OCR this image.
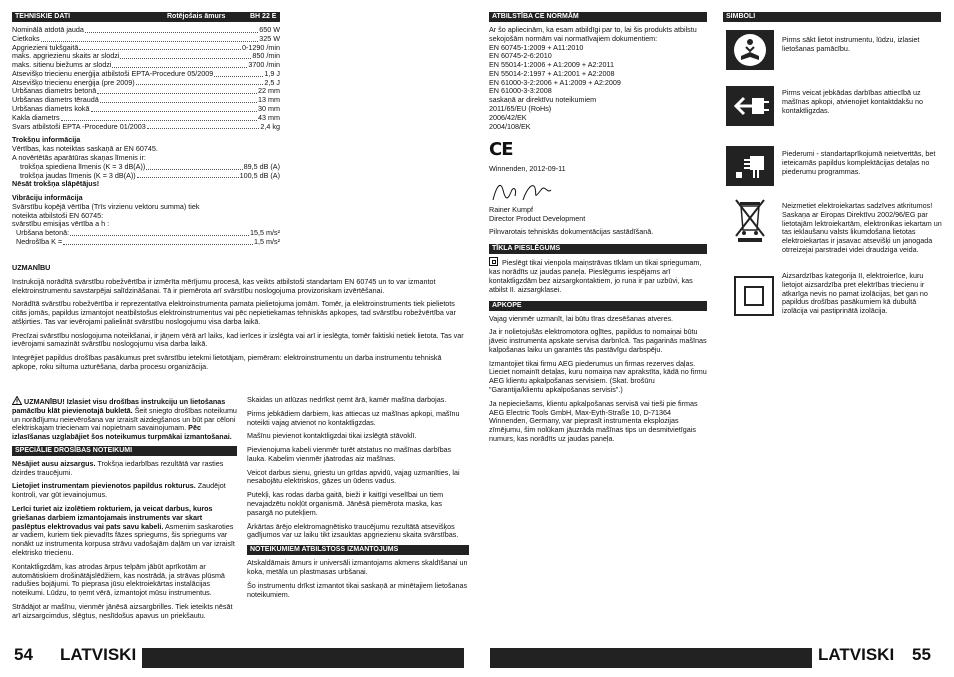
TEHNISKIE DATI	Rotējošais āmurs	BH 22 E
Nominālā atdotā jauda	650 W
Cietkoks	325 W
Apgriezieni tukšgaitā	0-1290 /min
maks. apgriezienu skaits ar slodzi	850 /min
maks. sitienu biežums ar slodzi	3700 /min
Atsevišķo triecienu enerģija atbilstoši EPTA-Procedure 05/2009	1,9 J
Atsevišķo triecienu enerģija (pre 2009)	2,5 J
Urbšanas diametrs betonā	22 mm
Urbšanas diametrs tēraudā	13 mm
Urbšanas diametrs kokā	30 mm
Kakla diametrs	43 mm
Svars atbilstoši EPTA -Procedure 01/2003	2,4 kg

Trokšņu informācija

Vērtības, kas noteiktas saskaņā ar EN 60745.

A novērtētās aparātūras skaņas līmenis ir:

trokšņa spiediena līmenis (K = 3 dB(A))	89,5 dB (A)
trokšņa jaudas līmenis (K = 3 dB(A))	100,5 dB (A)

Nēsāt trokšņa slāpētājus!

Vibrāciju informācija

Svārstību kopējā vērtība (Trīs virzienu vektoru summa) tiek

noteikta atbilstoši EN 60745:

svārstību emisijas vērtība a h :

Urbšana betonā:	15,5 m/s²
Nedrošība K =	1,5 m/s²

UZMANĪBU

Instrukcijā norādītā svārstību robežvērtība ir izmērīta mērījumu procesā, kas veikts atbilstoši standartam EN 60745 un to var izmantot elektroinstrumentu savstarpējai salīdzināšanai. Tā ir piemērota arī svārstību noslogojuma provizoriskam izvērtēšanai.

Norādītā svārstību robežvērtība ir reprezentatīva elektroinstrumenta pamata pielietojuma jomām. Tomēr, ja elektroinstruments tiek pielietots citās jomās, papildus izmantojot neatbilstošus elektroinstrumentus vai pēc nepietiekamas tehniskās apkopes, tad svārstību robežvērtība var atšķirties. Tas var ievērojami palielināt svārstību noslogojumu visa darba laikā.

Precīzai svārstību noslogojuma noteikšanai, ir jāņem vērā arī laiks, kad ierīces ir izslēgta vai arī ir ieslēgta, tomēr faktiski netiek lietota. Tas var ievērojami samazināt svārstību noslogojumu visa darba laikā.

Integrējiet papildus drošības pasākumus pret svārstību ietekmi lietotājam, piemēram: elektroinstrumentu un darba instrumentu tehniskā apkope, roku siltuma uzturēšana, darba procesu organizācija.

UZMANĪBU! Izlasiet visu drošības instrukciju un lietošanas pamācību klāt pievienotajā bukletā. Šeit sniegto drošības noteikumu un norādījumu neievērošana var izraisīt aizdegšanos un būt par cēloni elektriskajam triecienam vai nopietnam savainojumam. Pēc izlasīšanas uzglabājiet šos noteikumus turpmākai izmantošanai.

SPECIĀLIE DROŠĪBAS NOTEIKUMI

Nēsājiet ausu aizsargus. Trokšņa iedarbības rezultātā var rasties dzirdes traucējumi.

Lietojiet instrumentam pievienotos papildus rokturus. Zaudējot kontroli, var gūt ievainojumus.

Lerīci turiet aiz izolētiem rokturiem, ja veicat darbus, kuros griešanas darbiem izmantojamais instruments var skart paslēptus elektrovadus vai pats savu kabeli. Asmenim saskaroties ar vadiem, kuriem tiek pievadīts fāzes spriegums, šis spriegums var nonākt uz instrumenta korpusa strāvu vadošajām daļām un var izraisīt elektrisko triecienu.

Kontaktligzdām, kas atrodas ārpus telpām jābūt aprīkotām ar automātiskiem drošinātājslēdžiem, kas nostrādā, ja strāvas plūsmā radušies bojājumi. To pieprasa jūsu elektroiekārtas instalācijas noteikumi. Lūdzu, to ņemt vērā, izmantojot mūsu instrumentus.

Strādājot ar mašīnu, vienmēr jānēsā aizsargbrilles. Tiek ieteikts nēsāt arī aizsargcimdus, slēgtus, neslīdošus apavus un priekšautu.

Skaidas un atlūzas nedrīkst ņemt ārā, kamēr mašīna darbojas.

Pirms jebkādiem darbiem, kas attiecas uz mašīnas apkopi, mašīnu noteikti vajag atvienot no kontaktligzdas.

Mašīnu pievienot kontaktligzdai tikai izslēgtā stāvoklī.

Pievienojuma kabeli vienmēr turēt atstatus no mašīnas darbības lauka. Kabelim vienmēr jāatrodas aiz mašīnas.

Veicot darbus sienu, griestu un grīdas apvidū, vajag uzmanīties, lai nesabojātu elektriskos, gāzes un ūdens vadus.

Putekļi, kas rodas darba gaitā, bieži ir kaitīgi veselībai un tiem nevajadzētu nokļūt organismā. Jānēsā piemērota maska, kas pasargā no putekļiem.

Ārkārtas ārējo elektromagnētisko traucējumu rezultātā atsevišķos gadījumos var uz laiku tikt izsauktas apgriezienu skaita svārstības.

NOTEIKUMIEM ATBILSTOŠS IZMANTOJUMS

Atskaldāmais āmurs ir universāli izmantojams akmens skaldīšanai un koka, metāla un plastmasas urbšanai.

Šo instrumentu drīkst izmantot tikai saskaņā ar minētajiem lietošanas noteikumiem.

54 LATVISKI
ATBILSTĪBA CE NORMĀM

Ar šo apliecinām, ka esam atbildīgi par to, lai šis produkts atbilstu sekojošām normām vai normatīvajiem dokumentiem:

EN 60745-1:2009 + A11:2010

EN 60745-2-6:2010

EN 55014-1:2006 + A1:2009 + A2:2011

EN 55014-2:1997 + A1:2001 + A2:2008

EN 61000-3-2:2006 + A1:2009 + A2:2009

EN 61000-3-3:2008

saskaņā ar direktīvu noteikumiem

2011/65/EU (RoHs)

2006/42/EK

2004/108/EK

CE

Winnenden, 2012-09-11

Rainer Kumpf

Director Product Development

Pilnvarotais tehniskās dokumentācijas sastādīšanā.

TĪKLA PIESLĒGUMS

Pieslēgt tikai vienpola maiņstrāvas tīklam un tikai spriegumam, kas norādīts uz jaudas paneļa. Pieslēgums iespējams arī kontaktligzdām bez aizsargkontaktiem, jo runa ir par uzbūvi, kas atbilst II. aizsargklasei.

APKOPE

Vajag vienmēr uzmanīt, lai būtu tīras dzesēšanas atveres.

Ja ir nolietojušās elektromotora ogļītes, papildus to nomaiņai būtu jāveic instrumenta apskate servisa darbnīcā. Tas pagarinās mašīnas kalpošanas laiku un garantēs tās pastāvīgu darbspēju.

Izmantojiet tikai firmu AEG piederumus un firmas rezerves daļas. Lieciet nomainīt detaļas, kuru nomaiņa nav aprakstīta, kādā no firmu AEG klientu apkalpošanas servisiem. (Skat. brošūru "Garantija/klientu apkalpošanas servisis".)

Ja nepieciešams, klientu apkalpošanas servisā vai tieši pie firmas AEG Electric Tools GmbH, Max-Eyth-Straße 10, D-71364 Winnenden, Germany, var pieprasīt instrumenta eksplozijas zīmējumu, šim nolūkam jāuzrāda mašīnas tips un desmitvietīgais numurs, kas norādīts uz jaudas paneļa.

SIMBOLI
Pirms sākt lietot instrumentu, lūdzu, izlasiet lietošanas pamācību.
Pirms veicat jebkādas darbības attiecībā uz mašīnas apkopi, atvienojiet kontaktdakšu no kontaktligzdas.
Piederumi - standartaprīkojumā neietverttās, bet ieteicamās papildus komplektācijas detaļas no piederumu programmas.
Neizmetiet elektroiekartas sadzīves atkritumos! Saskaņa ar Eiropas Direktīvu 2002/96/EG par lietotajām lektroiekartām, elektronikas iekartam un tas ieklaušanu valsts likumdošana lietotas elektroiekartas ir jasavac atsevišķi un janogada otrreizejai parstradei videi draudziga veida.
Aizsardzības kategorija II, elektroierīce, kuru lietojot aizsardzība pret elektrības triecienu ir atkarīga nevis no pamat izolācijas, bet gan no papildus drošības pasākumiem kā dubultā izolācija vai pastiprinātā izolācija.
LATVISKI 55
